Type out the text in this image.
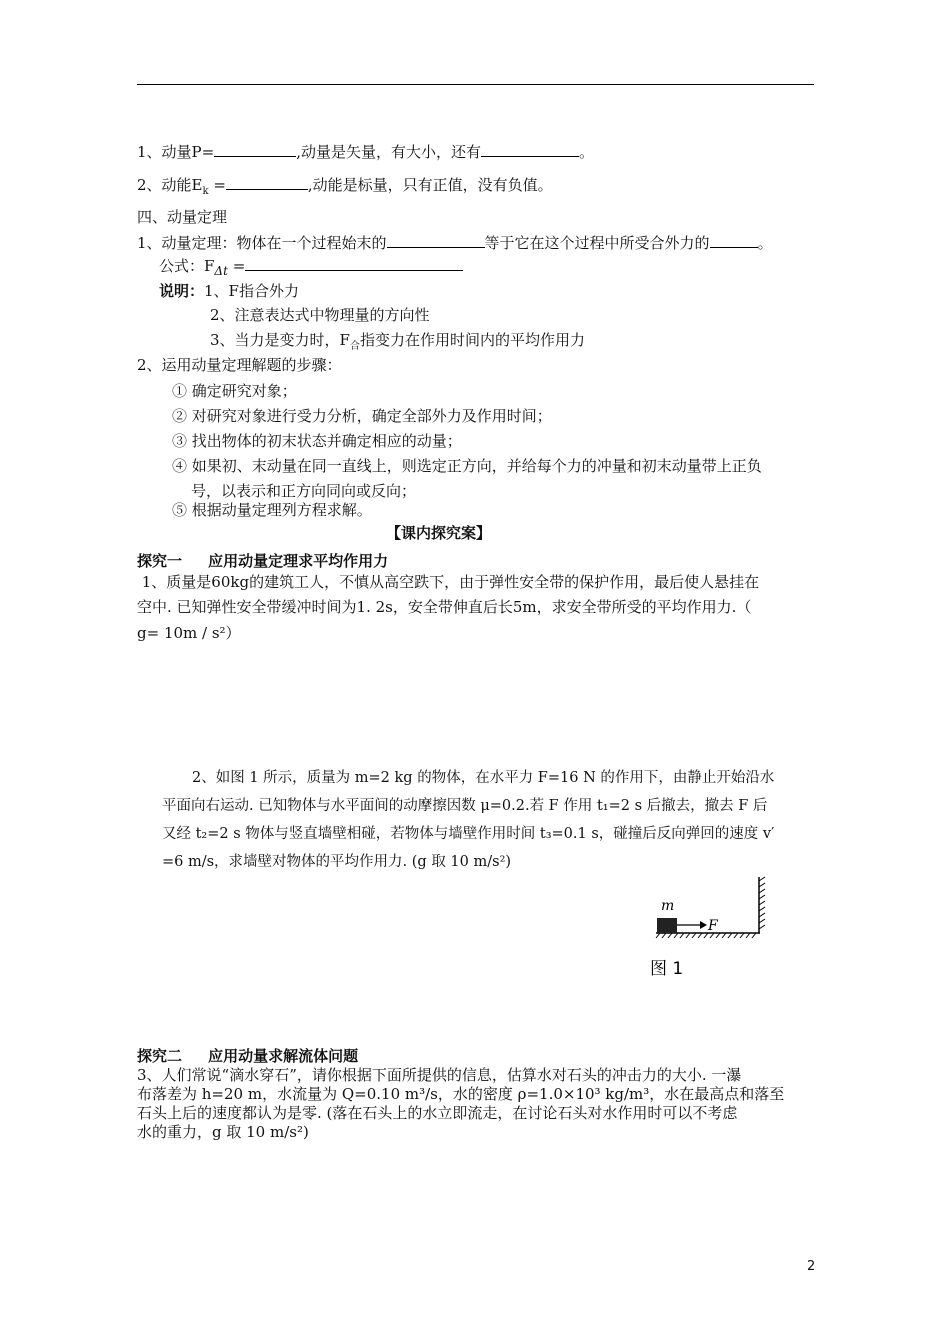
1、动量P=	,动量是矢量，有大小，还有	。
2、动能$E_k$ =	,动能是标量，只有正值，没有负值。
四、动量定理
1、动量定理：物体在一个过程始末的	等于它在这个过程中所受合外力的	。
公式：$F_{\Delta t}$ =
说明：1、F指合外力
2、注意表达式中物理量的方向性
3、当力是变力时，$F_合$指变力在作用时间内的平均作用力
2、运用动量定理解题的步骤：
① 确定研究对象；
② 对研究对象进行受力分析，确定全部外力及作用时间；
③ 找出物体的初末状态并确定相应的动量；
④ 如果初、末动量在同一直线上，则选定正方向，并给每个力的冲量和初末动量带上正负
号，以表示和正方向同向或反向；
⑤ 根据动量定理列方程求解。
【课内探究案】
探究一     应用动量定理求平均作用力
1、质量是60kg的建筑工人，不慎从高空跌下，由于弹性安全带的保护作用，最后使人悬挂在
空中. 已知弹性安全带缓冲时间为1. 2s，安全带伸直后长5m，求安全带所受的平均作用力.（
g= 10m / s²）
2、如图 1 所示，质量为 m=2 kg 的物体，在水平力 F=16 N 的作用下，由静止开始沿水
平面向右运动. 已知物体与水平面间的动摩擦因数 μ=0.2.若 F 作用 t₁=2 s 后撤去，撤去 F 后
又经 t₂=2 s 物体与竖直墙壁相碰，若物体与墙壁作用时间 t₃=0.1 s，碰撞后反向弹回的速度 v′
=6 m/s，求墙壁对物体的平均作用力. (g 取 10 m/s²)
m
F
图 1
探究二     应用动量求解流体问题
3、人们常说“滴水穿石”，请你根据下面所提供的信息，估算水对石头的冲击力的大小. 一瀑
布落差为 h=20 m，水流量为 Q=0.10 m³/s，水的密度 ρ=1.0×10³ kg/m³，水在最高点和落至
石头上后的速度都认为是零. (落在石头上的水立即流走，在讨论石头对水作用时可以不考虑
水的重力，g 取 10 m/s²)
2
